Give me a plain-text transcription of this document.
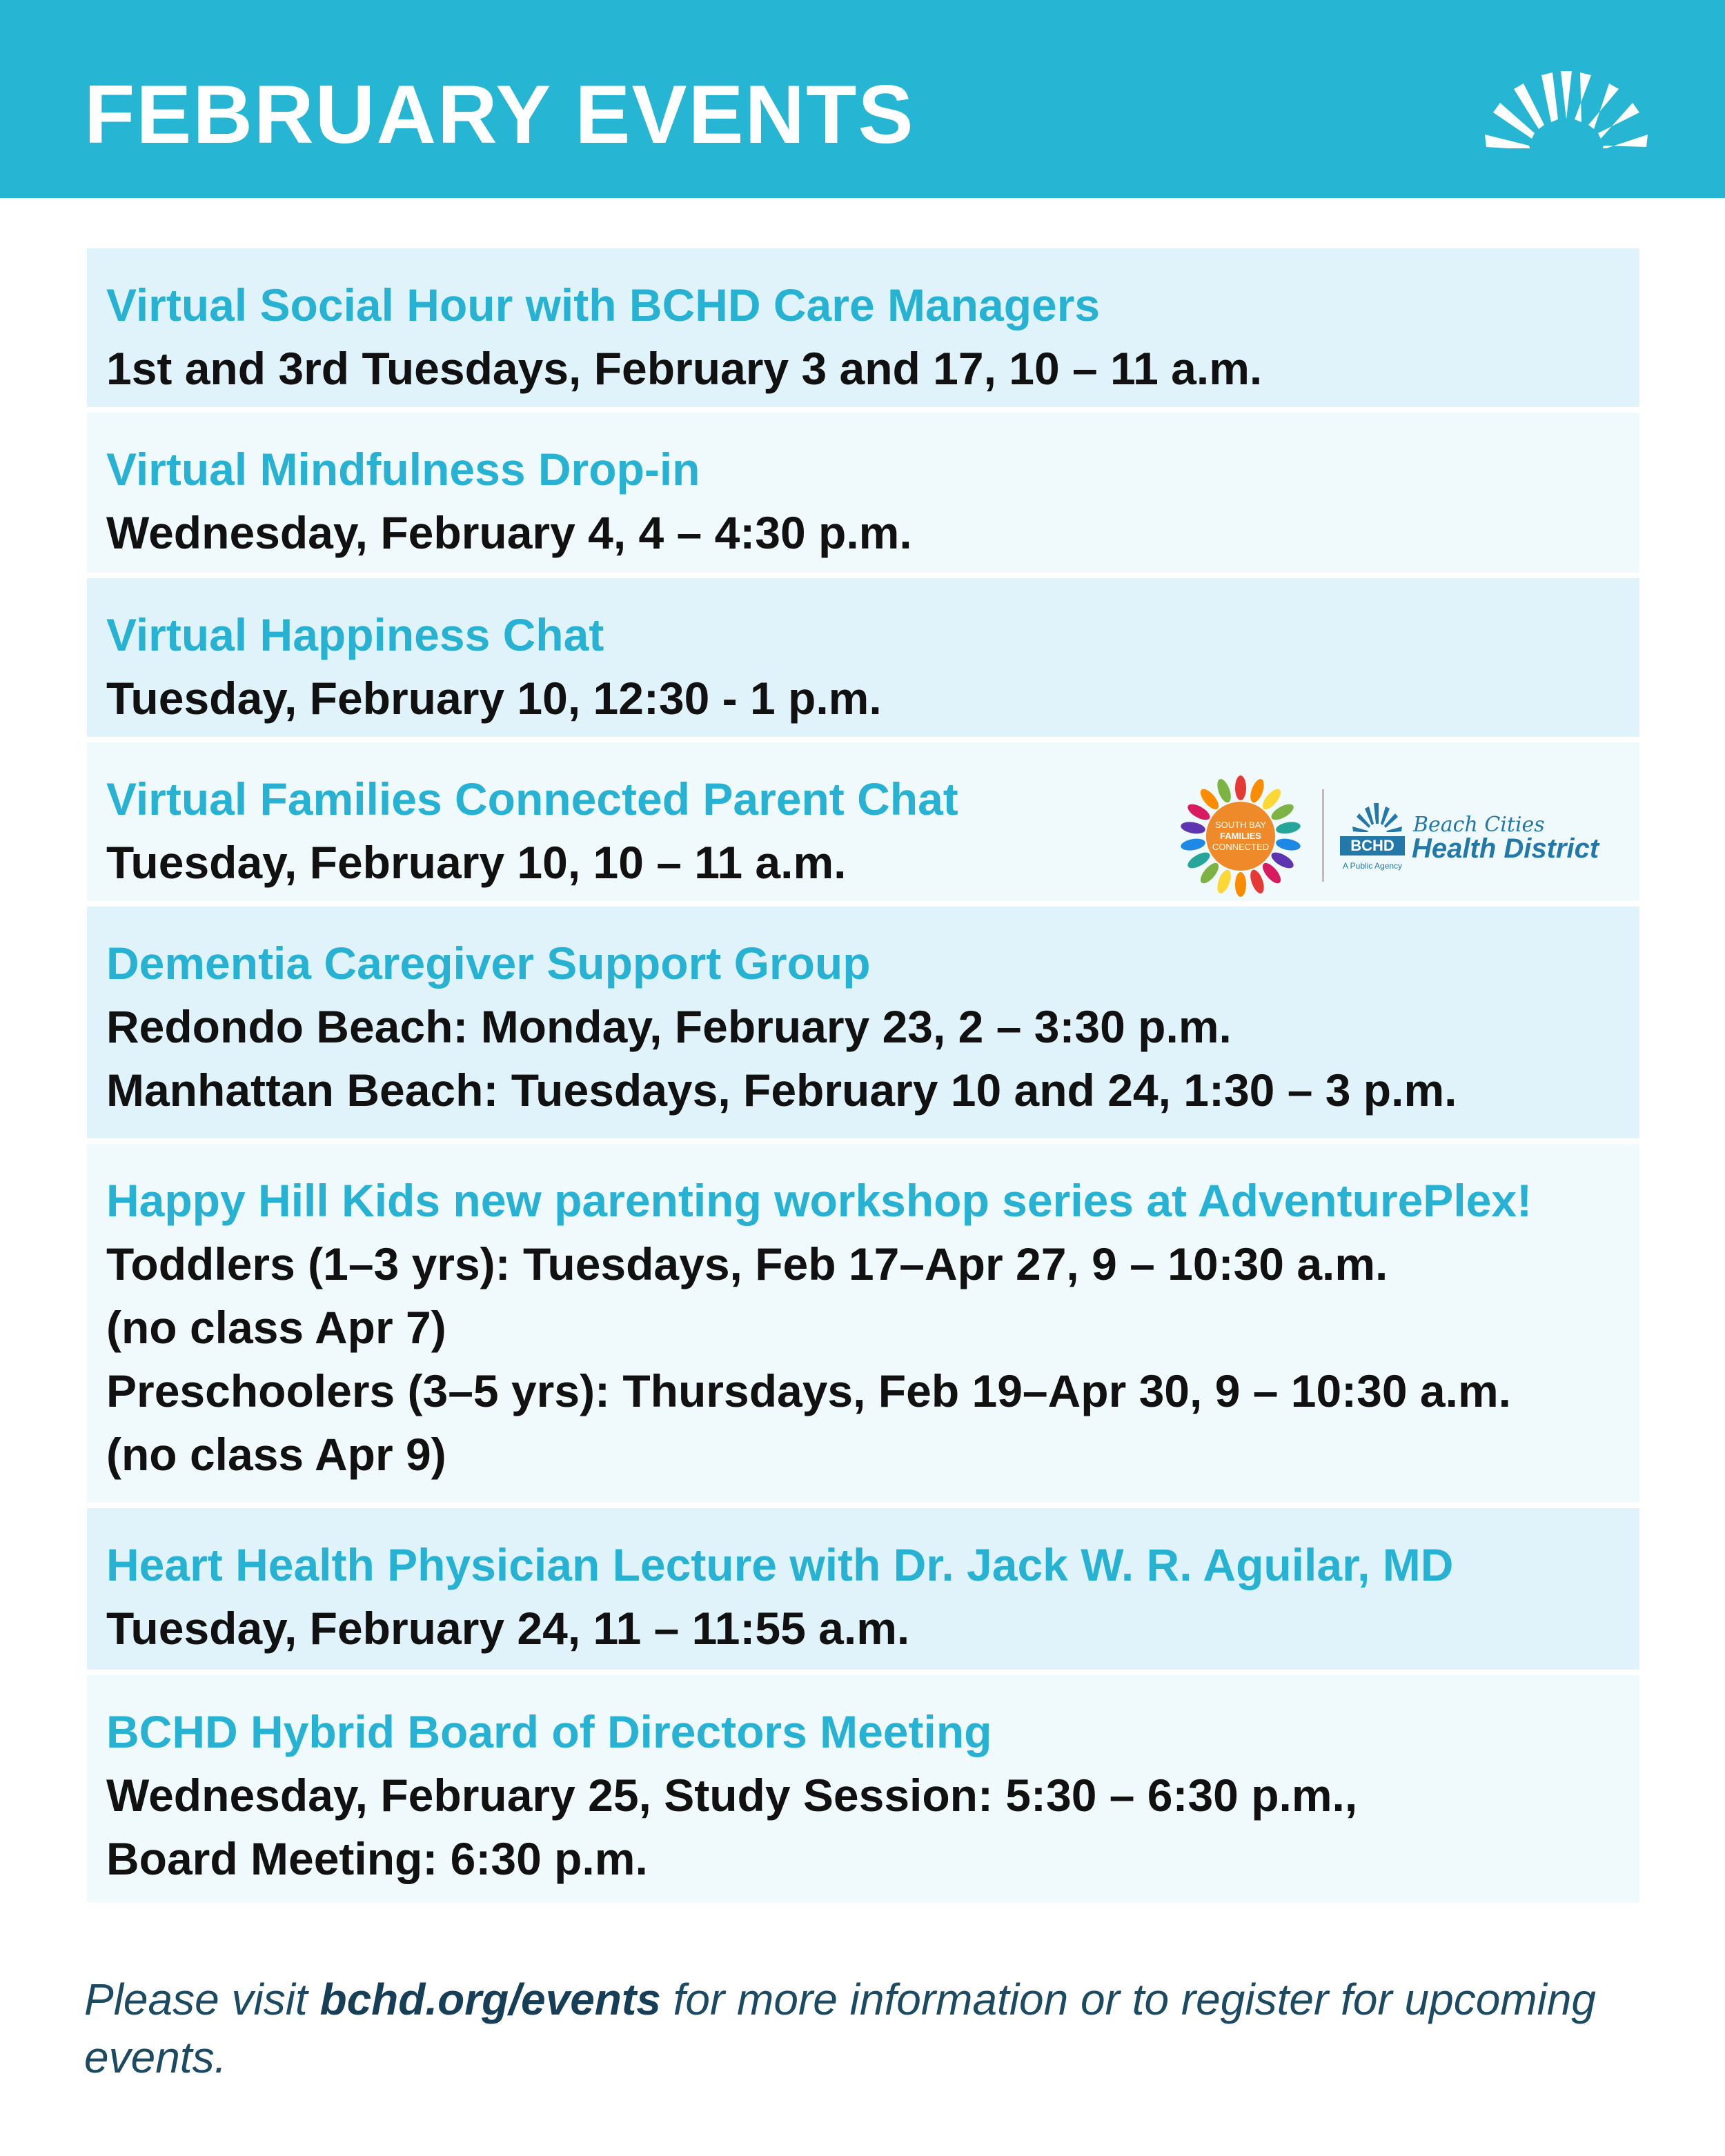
FEBRUARY EVENTS
Virtual Social Hour with BCHD Care Managers
1st and 3rd Tuesdays, February 3 and 17, 10 – 11 a.m.
Virtual Mindfulness Drop-in
Wednesday, February 4, 4 – 4:30 p.m.
Virtual Happiness Chat
Tuesday, February 10, 12:30 - 1 p.m.
Virtual Families Connected Parent Chat
Tuesday, February 10, 10 – 11 a.m.
SOUTH BAY
FAMILIES
CONNECTED	BCHD
Beach Cities
Health District
A Public Agency
Dementia Caregiver Support Group
Redondo Beach: Monday, February 23, 2 – 3:30 p.m.
Manhattan Beach: Tuesdays, February 10 and 24, 1:30 – 3 p.m.
Happy Hill Kids new parenting workshop series at AdventurePlex!
Toddlers (1–3 yrs): Tuesdays, Feb 17–Apr 27, 9 – 10:30 a.m.
(no class Apr 7)
Preschoolers (3–5 yrs): Thursdays, Feb 19–Apr 30, 9 – 10:30 a.m.
(no class Apr 9)
Heart Health Physician Lecture with Dr. Jack W. R. Aguilar, MD
Tuesday, February 24, 11 – 11:55 a.m.
BCHD Hybrid Board of Directors Meeting
Wednesday, February 25, Study Session: 5:30 – 6:30 p.m.,
Board Meeting: 6:30 p.m.
Please visit bchd.org/events for more information or to register for upcoming events.
